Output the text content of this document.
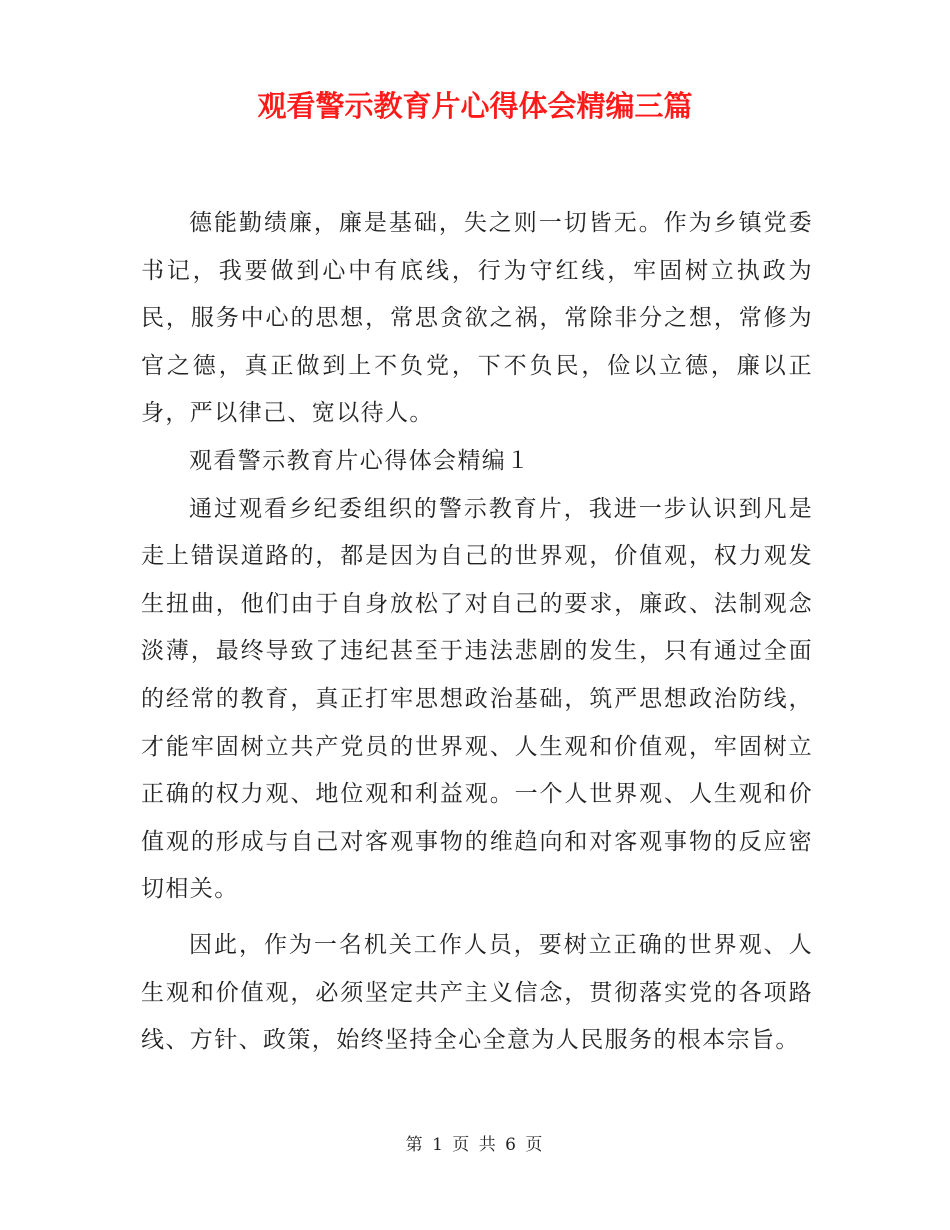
观看警示教育片心得体会精编三篇

德能勤绩廉，廉是基础，失之则一切皆无。作为乡镇党委书记，我要做到心中有底线，行为守红线，牢固树立执政为民，服务中心的思想，常思贪欲之祸，常除非分之想，常修为官之德，真正做到上不负党，下不负民，俭以立德，廉以正身，严以律己、宽以待人。

观看警示教育片心得体会精编１

通过观看乡纪委组织的警示教育片，我进一步认识到凡是走上错误道路的，都是因为自己的世界观，价值观，权力观发生扭曲，他们由于自身放松了对自己的要求，廉政、法制观念淡薄，最终导致了违纪甚至于违法悲剧的发生，只有通过全面的经常的教育，真正打牢思想政治基础，筑严思想政治防线，才能牢固树立共产党员的世界观、人生观和价值观，牢固树立正确的权力观、地位观和利益观。一个人世界观、人生观和价值观的形成与自己对客观事物的维趋向和对客观事物的反应密切相关。

因此，作为一名机关工作人员，要树立正确的世界观、人生观和价值观，必须坚定共产主义信念，贯彻落实党的各项路线、方针、政策，始终坚持全心全意为人民服务的根本宗旨。

第 1 页 共 6 页
